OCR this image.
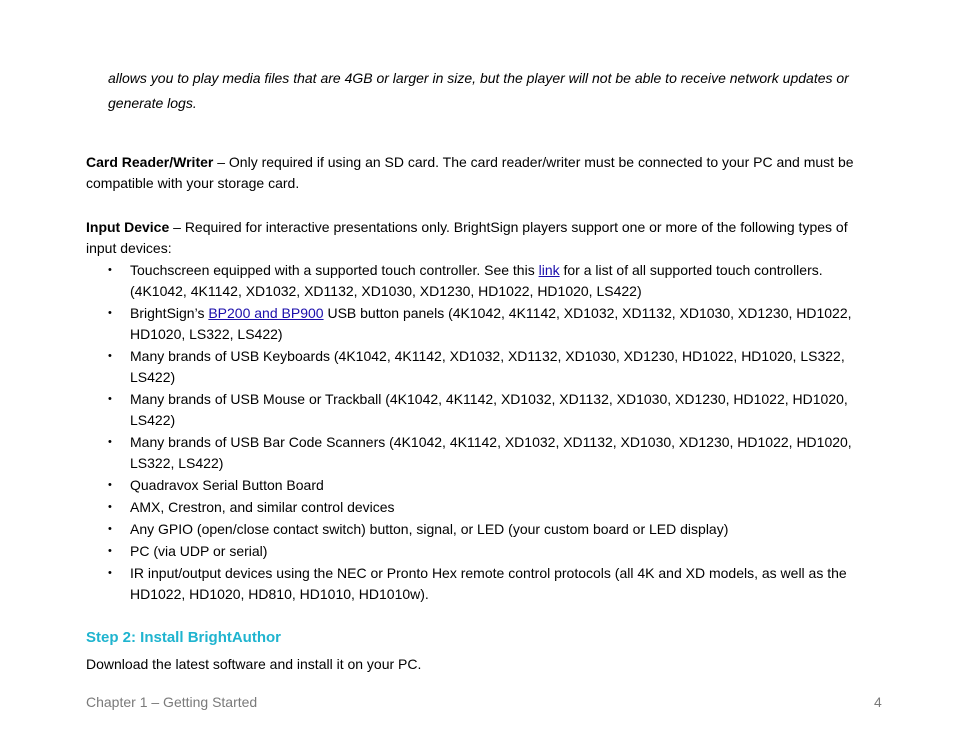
allows you to play media files that are 4GB or larger in size, but the player will not be able to receive network updates or generate logs.

Card Reader/Writer – Only required if using an SD card. The card reader/writer must be connected to your PC and must be compatible with your storage card.

Input Device – Required for interactive presentations only. BrightSign players support one or more of the following types of input devices:

• Touchscreen equipped with a supported touch controller. See this link for a list of all supported touch controllers. (4K1042, 4K1142, XD1032, XD1132, XD1030, XD1230, HD1022, HD1020, LS422)
• BrightSign’s BP200 and BP900 USB button panels (4K1042, 4K1142, XD1032, XD1132, XD1030, XD1230, HD1022, HD1020, LS322, LS422)
• Many brands of USB Keyboards (4K1042, 4K1142, XD1032, XD1132, XD1030, XD1230, HD1022, HD1020, LS322, LS422)
• Many brands of USB Mouse or Trackball (4K1042, 4K1142, XD1032, XD1132, XD1030, XD1230, HD1022, HD1020, LS422)
• Many brands of USB Bar Code Scanners (4K1042, 4K1142, XD1032, XD1132, XD1030, XD1230, HD1022, HD1020, LS322, LS422)
• Quadravox Serial Button Board
• AMX, Crestron, and similar control devices
• Any GPIO (open/close contact switch) button, signal, or LED (your custom board or LED display)
• PC (via UDP or serial)
• IR input/output devices using the NEC or Pronto Hex remote control protocols (all 4K and XD models, as well as the HD1022, HD1020, HD810, HD1010, HD1010w).
Step 2: Install BrightAuthor

Download the latest software and install it on your PC.

Chapter 1 – Getting Started	4
